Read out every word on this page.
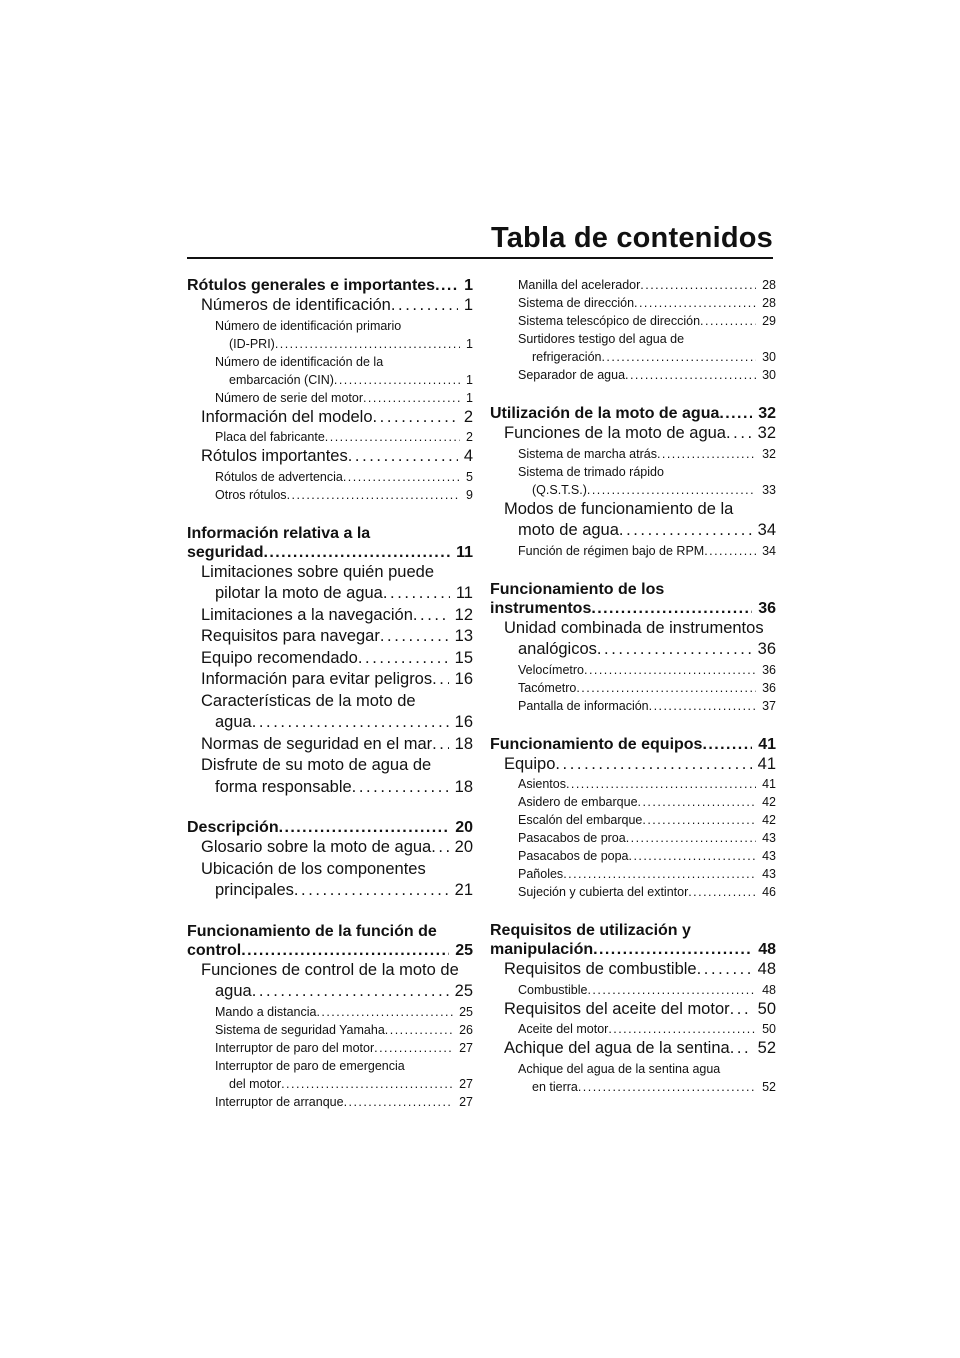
Tabla de contenidos
Rótulos generales e importantes . . .	1
Números de identificación . . .	1
Número de identificación primario
(ID-PRI) . . .	1
Número de identificación de la
embarcación (CIN) . . .	1
Número de serie del motor . . .	1
Información del modelo . . .	2
Placa del fabricante . . .	2
Rótulos importantes . . .	4
Rótulos de advertencia . . .	5
Otros rótulos . . .	9
Información relativa a la
seguridad . . .	11
Limitaciones sobre quién puede
pilotar la moto de agua . . .	11
Limitaciones a la navegación . . .	12
Requisitos para navegar . . .	13
Equipo recomendado . . .	15
Información para evitar peligros . . .	16
Características de la moto de
agua . . .	16
Normas de seguridad en el mar . . .	18
Disfrute de su moto de agua de
forma responsable . . .	18
Descripción . . .	20
Glosario sobre la moto de agua . . .	20
Ubicación de los componentes
principales . . .	21
Funcionamiento de la función de
control . . .	25
Funciones de control de la moto de
agua . . .	25
Mando a distancia . . .	25
Sistema de seguridad Yamaha . . .	26
Interruptor de paro del motor . . .	27
Interruptor de paro de emergencia
del motor . . .	27
Interruptor de arranque . . .	27
Manilla del acelerador . . .	28
Sistema de dirección . . .	28
Sistema telescópico de dirección . . .	29
Surtidores testigo del agua de
refrigeración . . .	30
Separador de agua . . .	30
Utilización de la moto de agua . . .	32
Funciones de la moto de agua . . .	32
Sistema de marcha atrás . . .	32
Sistema de trimado rápido
(Q.S.T.S.) . . .	33
Modos de funcionamiento de la
moto de agua . . .	34
Función de régimen bajo de RPM . . .	34
Funcionamiento de los
instrumentos . . .	36
Unidad combinada de instrumentos
analógicos . . .	36
Velocímetro . . .	36
Tacómetro . . .	36
Pantalla de información . . .	37
Funcionamiento de equipos . . .	41
Equipo . . .	41
Asientos . . .	41
Asidero de embarque . . .	42
Escalón del embarque . . .	42
Pasacabos de proa . . .	43
Pasacabos de popa . . .	43
Pañoles . . .	43
Sujeción y cubierta del extintor . . .	46
Requisitos de utilización y
manipulación . . .	48
Requisitos de combustible . . .	48
Combustible . . .	48
Requisitos del aceite del motor . . .	50
Aceite del motor . . .	50
Achique del agua de la sentina . . .	52
Achique del agua de la sentina agua
en tierra . . .	52
